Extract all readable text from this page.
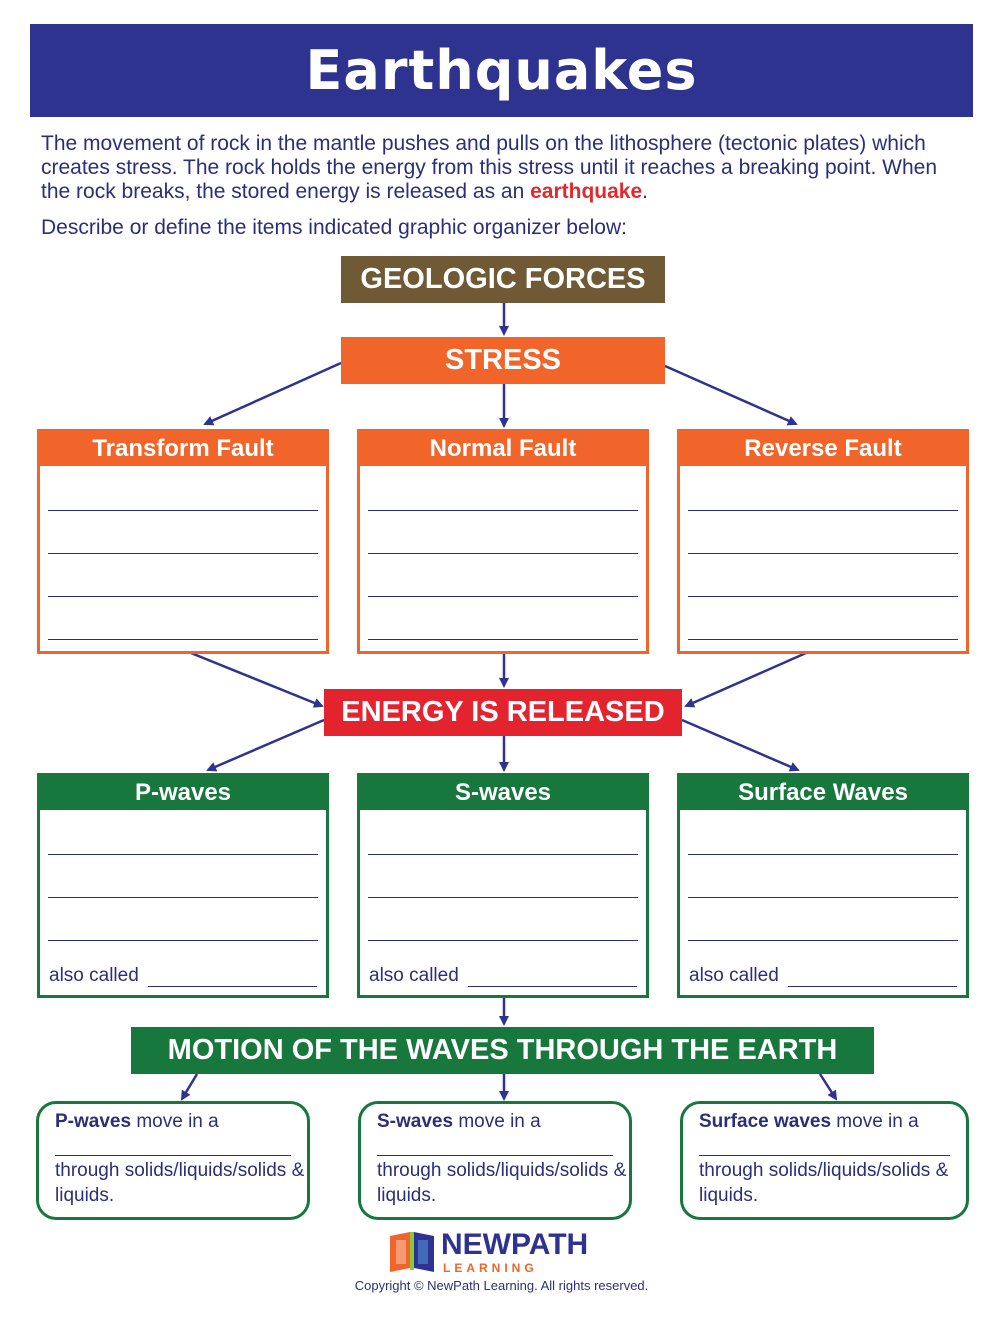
Earthquakes
The movement of rock in the mantle pushes and pulls on the lithosphere (tectonic plates) which creates stress. The rock holds the energy from this stress until it reaches a breaking point. When the rock breaks, the stored energy is released as an earthquake.
Describe or define the items indicated graphic organizer below:
GEOLOGIC FORCES
STRESS
Transform Fault	Normal Fault	Reverse Fault
ENERGY IS RELEASED
P-waves
also called
S-waves
also called
Surface Waves
also called
MOTION OF THE WAVES THROUGH THE EARTH
P-waves move in a
through solids/liquids/solids & liquids.
S-waves move in a
through solids/liquids/solids & liquids.
Surface waves move in a
through solids/liquids/solids & liquids.
NEWPATH
LEARNING
Copyright © NewPath Learning. All rights reserved.
